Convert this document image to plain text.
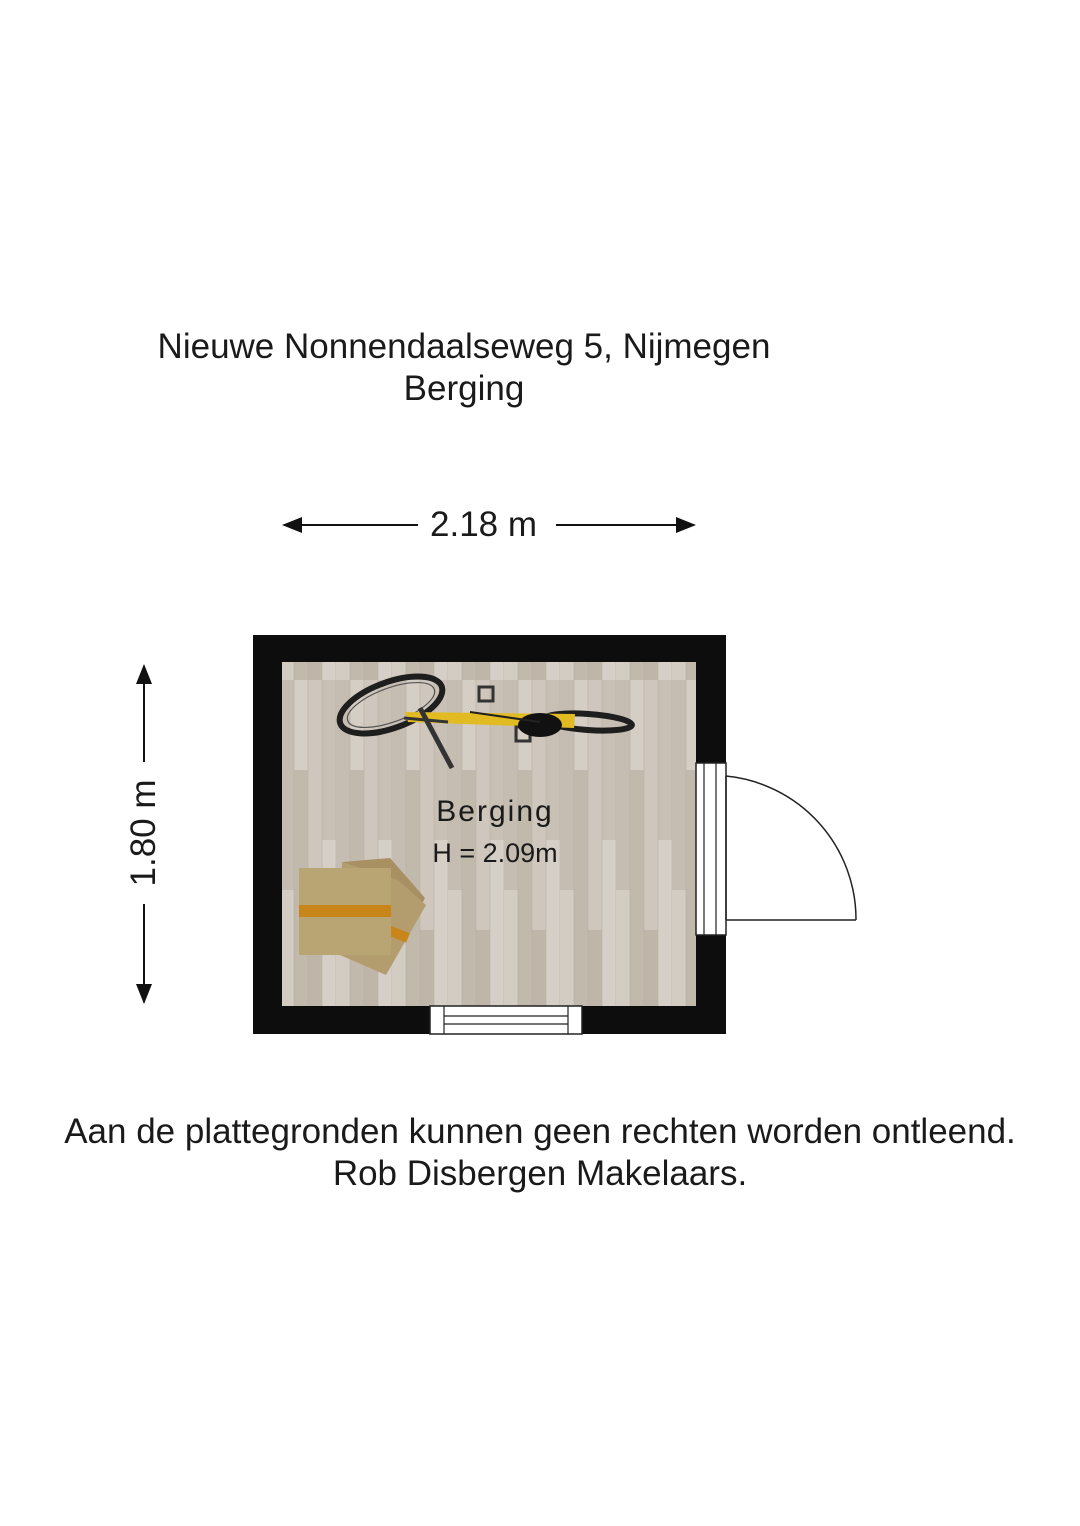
Nieuwe Nonnendaalseweg 5, Nijmegen
Berging
2.18 m
1.80 m	Berging
H = 2.09m
Aan de plattegronden kunnen geen rechten worden ontleend.
Rob Disbergen Makelaars.
